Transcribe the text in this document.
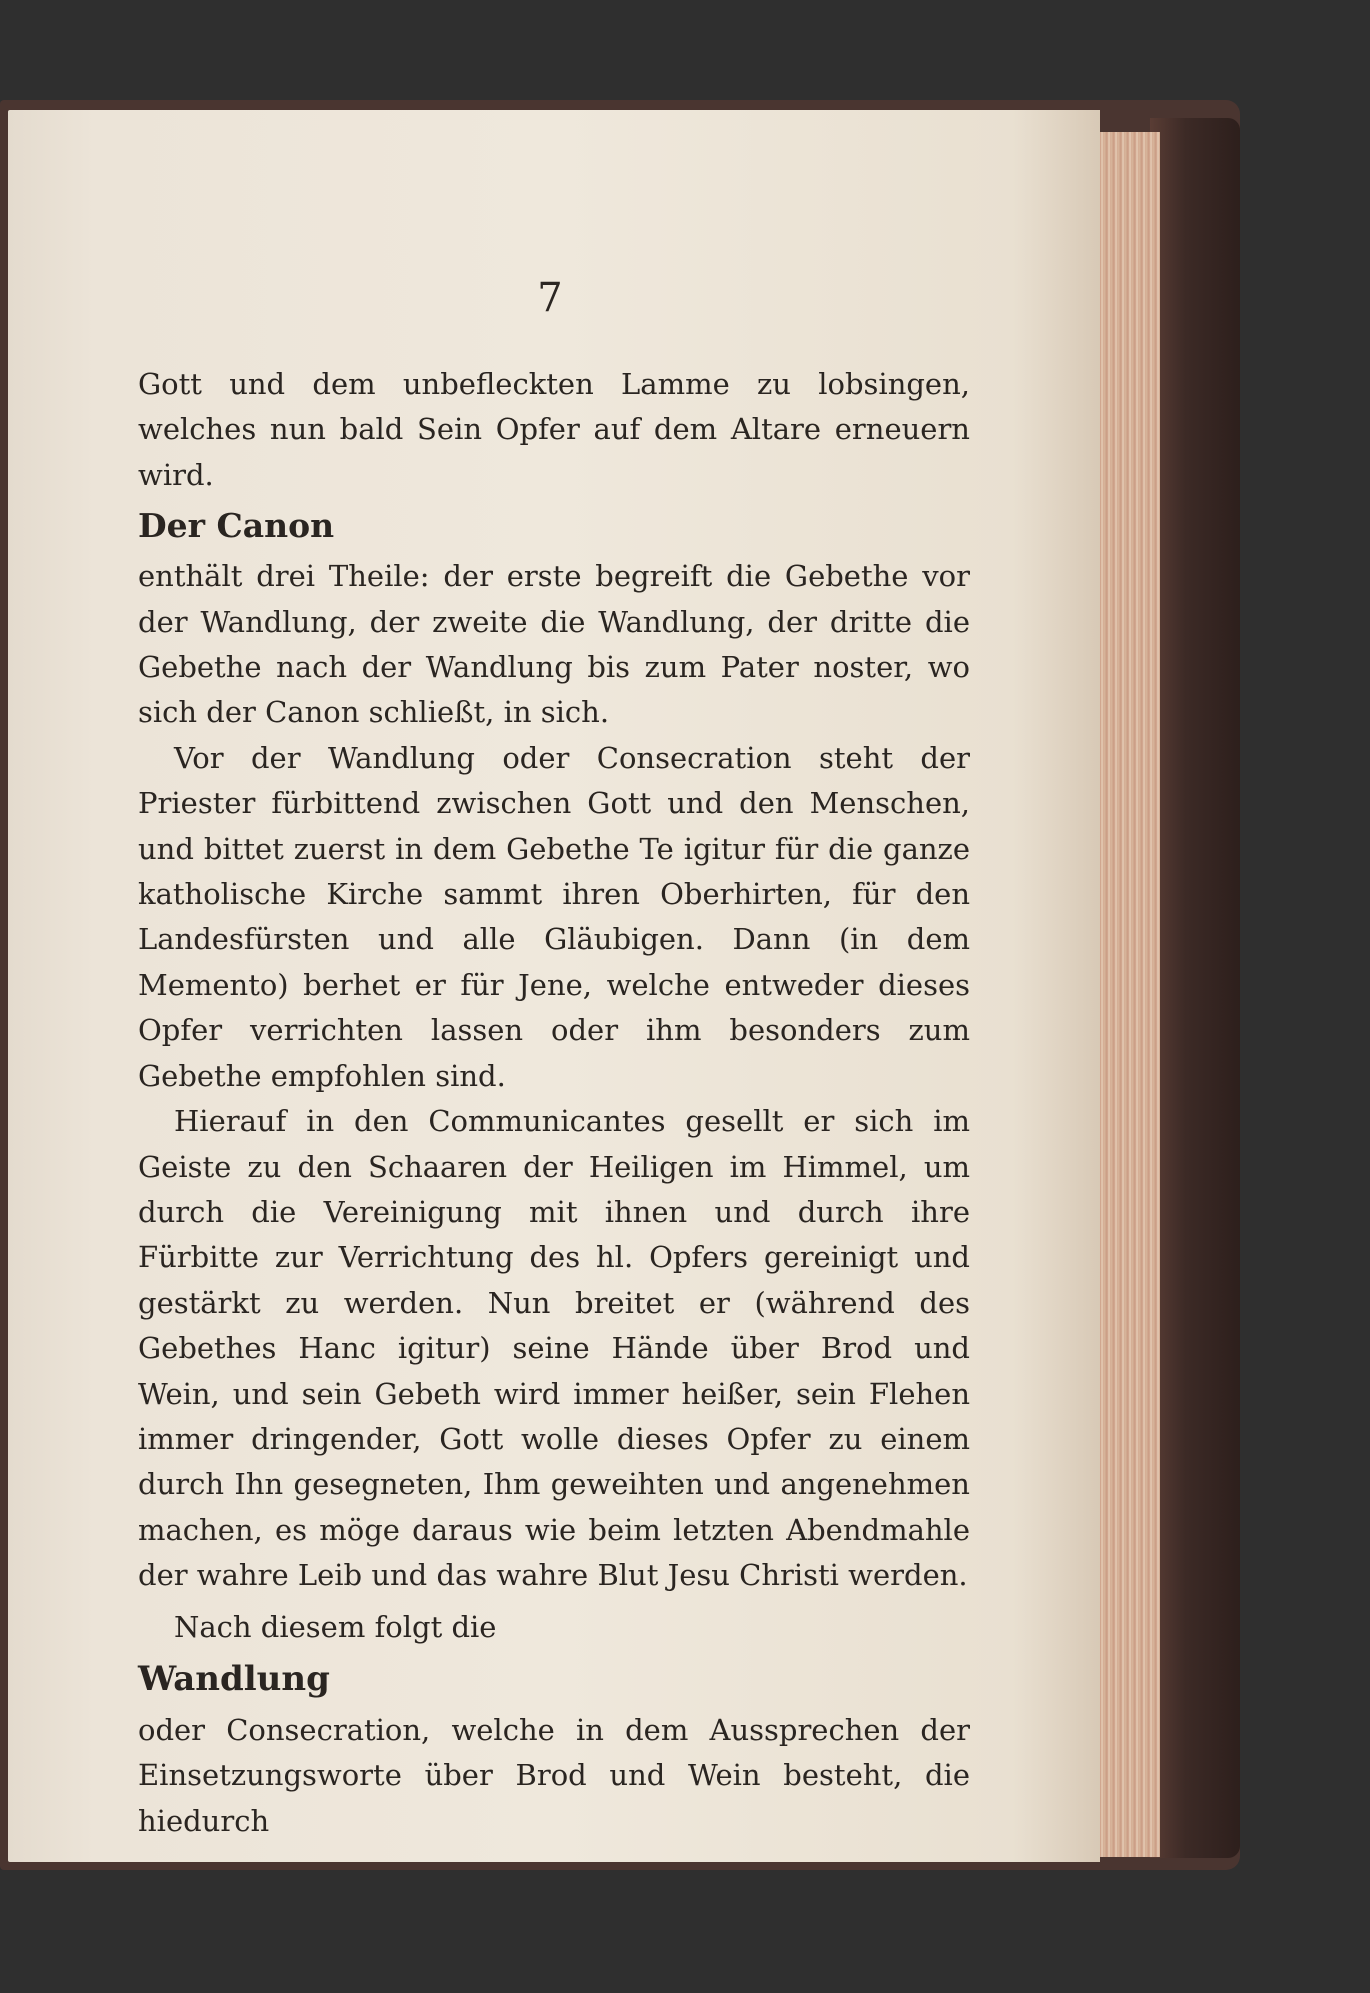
7

Gott und dem unbefleckten Lamme zu lobsingen, welches nun bald Sein Opfer auf dem Altare erneuern wird.

Der Canon

enthält drei Theile: der erste begreift die Gebethe vor der Wandlung, der zweite die Wandlung, der dritte die Gebethe nach der Wandlung bis zum Pater noster, wo sich der Canon schließt, in sich.

Vor der Wandlung oder Consecration steht der Priester fürbittend zwischen Gott und den Menschen, und bittet zuerst in dem Gebethe Te igitur für die ganze katholische Kirche sammt ihren Oberhirten, für den Landesfürsten und alle Gläubigen. Dann (in dem Memento) berhet er für Jene, welche entweder dieses Opfer verrichten lassen oder ihm besonders zum Gebethe empfohlen sind.

Hierauf in den Communicantes gesellt er sich im Geiste zu den Schaaren der Heiligen im Himmel, um durch die Vereinigung mit ihnen und durch ihre Fürbitte zur Verrichtung des hl. Opfers gereinigt und gestärkt zu werden. Nun breitet er (während des Gebethes Hanc igitur) seine Hände über Brod und Wein, und sein Gebeth wird immer heißer, sein Flehen immer dringender, Gott wolle dieses Opfer zu einem durch Ihn gesegneten, Ihm geweihten und angenehmen machen, es möge daraus wie beim letzten Abendmahle der wahre Leib und das wahre Blut Jesu Christi werden.

Nach diesem folgt die

Wandlung

oder Consecration, welche in dem Aussprechen der Einsetzungsworte über Brod und Wein besteht, die hiedurch
